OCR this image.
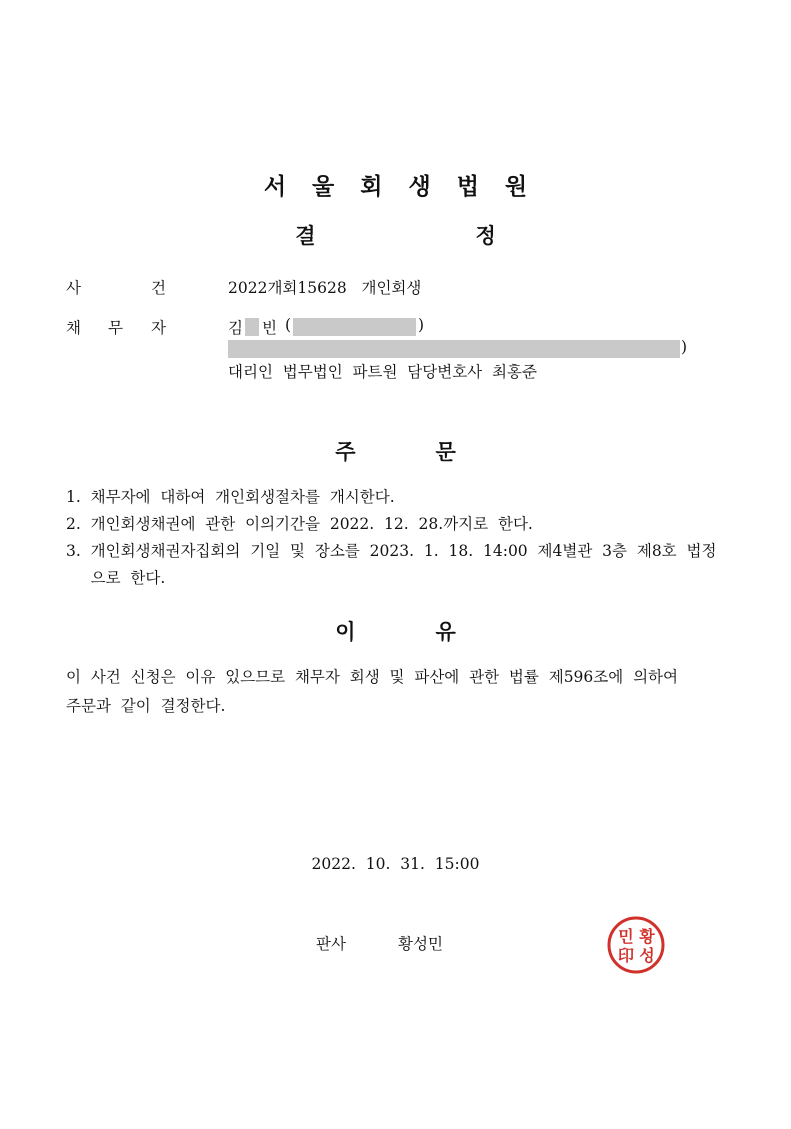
서울회생법원
결	정
사	건	2022개회15628   개인회생
채 무 자	김 빈 (	)
)
대리인  법무법인  파트원  담당변호사  최홍준
주	문
1.  채무자에  대하여  개인회생절차를  개시한다.
2.  개인회생채권에  관한  이의기간을  2022.  12.  28.까지로  한다.
3.  개인회생채권자집회의  기일  및  장소를  2023.  1.  18.  14:00  제4별관  3층  제8호  법정
으로  한다.
이	유
이  사건  신청은  이유  있으므로  채무자  회생  및  파산에  관한  법률  제596조에  의하여
주문과  같이  결정한다.
2022.  10.  31.  15:00
판사	황성민	황
성
민
印
